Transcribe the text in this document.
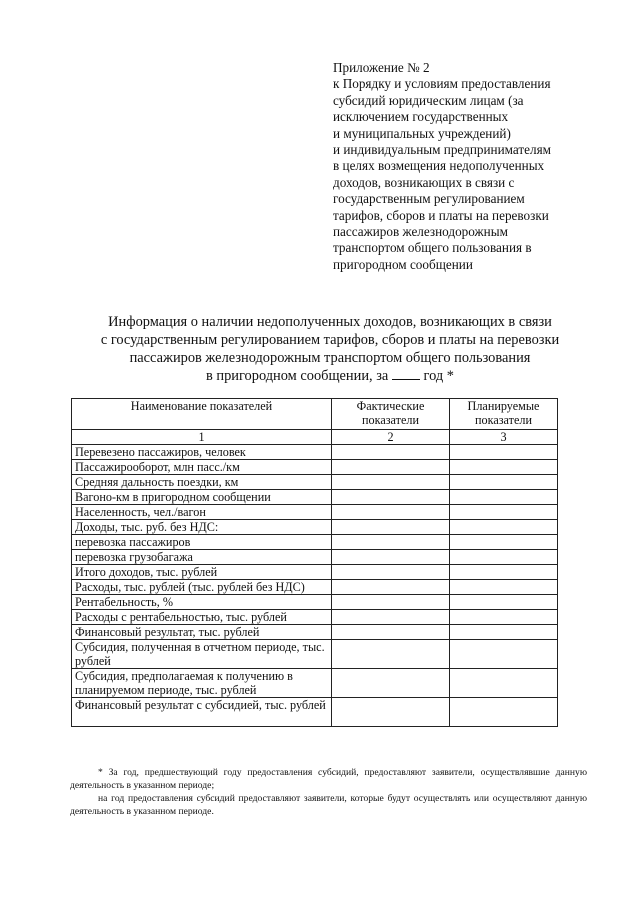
Приложение № 2
к Порядку и условиям предоставления
субсидий юридическим лицам (за
исключением государственных
и муниципальных учреждений)
и индивидуальным предпринимателям
в целях возмещения недополученных
доходов, возникающих в связи с
государственным регулированием
тарифов, сборов и платы на перевозки
пассажиров железнодорожным
транспортом общего пользования в
пригородном сообщении
Информация о наличии недополученных доходов, возникающих в связи
с государственным регулированием тарифов, сборов и платы на перевозки
пассажиров железнодорожным транспортом общего пользования
в пригородном сообщении, за год *
Наименование показателей	Фактические показатели	Планируемые показатели
1	2	3
Перевезено пассажиров, человек		
Пассажирооборот, млн пасс./км		
Средняя дальность поездки, км		
Вагоно-км в пригородном сообщении		
Населенность, чел./вагон		
Доходы, тыс. руб. без НДС:		
перевозка пассажиров		
перевозка грузобагажа		
Итого доходов, тыс. рублей		
Расходы, тыс. рублей (тыс. рублей без НДС)		
Рентабельность, %		
Расходы с рентабельностью, тыс. рублей		
Финансовый результат, тыс. рублей		
Субсидия, полученная в отчетном периоде, тыс. рублей		
Субсидия, предполагаемая к получению в планируемом периоде, тыс. рублей		
Финансовый результат с субсидией, тыс. рублей		

* За год, предшествующий году предоставления субсидий, предоставляют заявители, осуществлявшие данную деятельность в указанном периоде;

на год предоставления субсидий предоставляют заявители, которые будут осуществлять или осуществляют данную деятельность в указанном периоде.
